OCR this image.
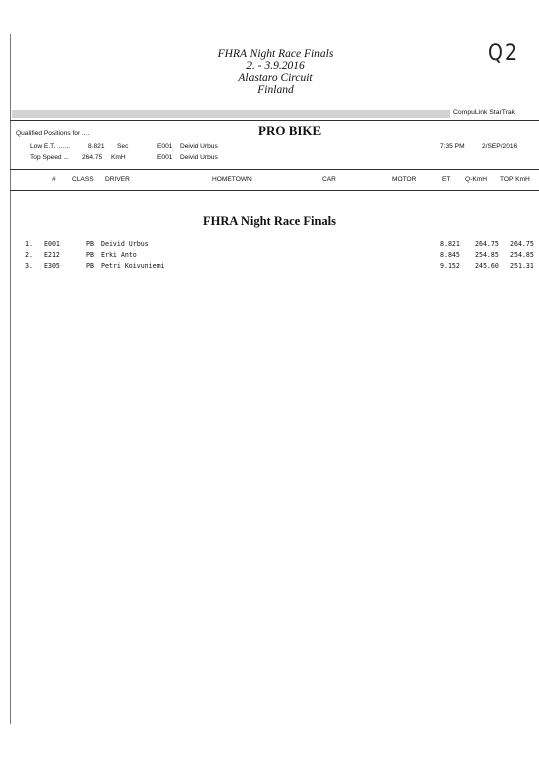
FHRA Night Race Finals
2. - 3.9.2016
Alastaro Circuit
Finland
Q2
CompuLink StarTrak
Qualified Positions for ....	PRO BIKE
Low E.T. .......	8.821 Sec	E001 Deivid Urbus	7:35 PM	2/SEP/2016
Top Speed ... 264.75 KmH	E001 Deivid Urbus
# CLASS DRIVER	HOMETOWN	CAR	MOTOR	ET Q-KmH TOP KmH
FHRA Night Race Finals
1. E001	PB Deivid Urbus	8.821 264.75 264.75
2. E212	PB Erki Anto	8.845 254.85 254.85
3. E305	PB Petri Koivuniemi	9.152 245.60 251.31
